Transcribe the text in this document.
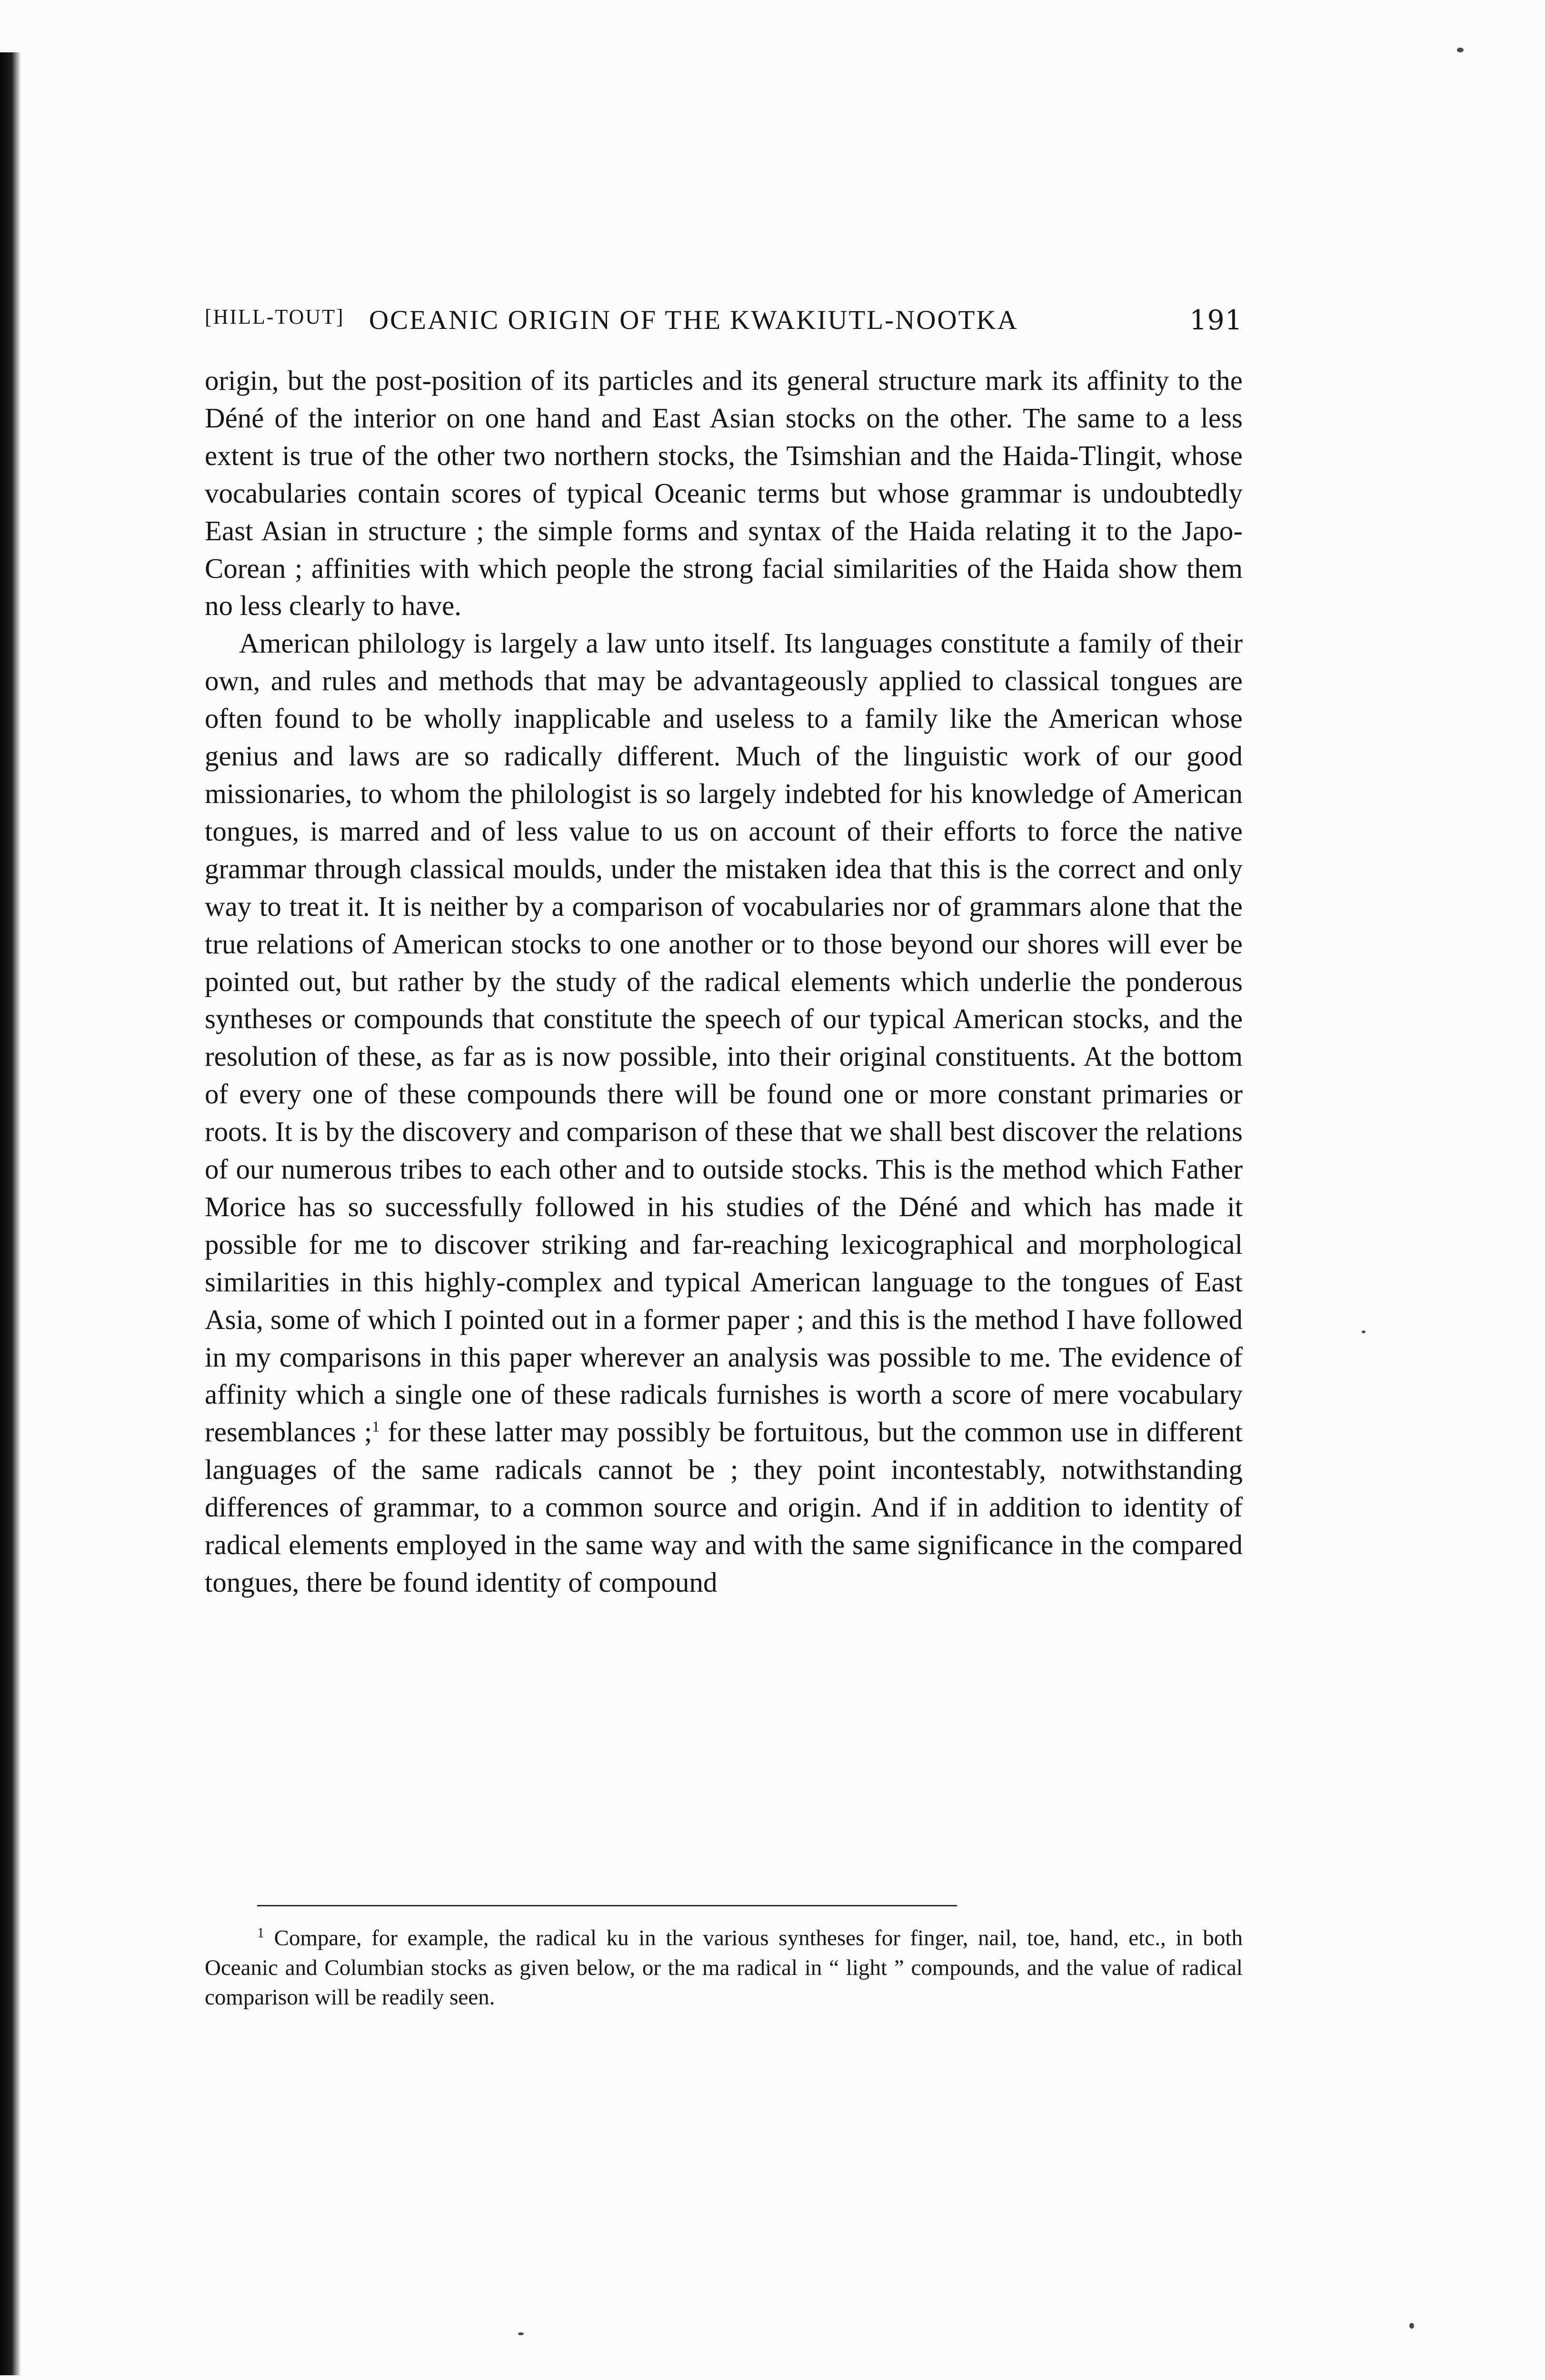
[HILL-TOUT] OCEANIC ORIGIN OF THE KWAKIUTL-NOOTKA	191

origin, but the post-position of its particles and its general structure mark its affinity to the Déné of the interior on one hand and East Asian stocks on the other. The same to a less extent is true of the other two northern stocks, the Tsimshian and the Haida-Tlingit, whose vocabularies contain scores of typical Oceanic terms but whose grammar is undoubtedly East Asian in structure ; the simple forms and syntax of the Haida relating it to the Japo-Corean ; affinities with which people the strong facial similarities of the Haida show them no less clearly to have.

American philology is largely a law unto itself. Its languages constitute a family of their own, and rules and methods that may be advantageously applied to classical tongues are often found to be wholly inapplicable and useless to a family like the American whose genius and laws are so radically different. Much of the linguistic work of our good missionaries, to whom the philologist is so largely indebted for his knowledge of American tongues, is marred and of less value to us on account of their efforts to force the native grammar through classical moulds, under the mistaken idea that this is the correct and only way to treat it. It is neither by a comparison of vocabularies nor of grammars alone that the true relations of American stocks to one another or to those beyond our shores will ever be pointed out, but rather by the study of the radical elements which underlie the ponderous syntheses or compounds that constitute the speech of our typical American stocks, and the resolution of these, as far as is now possible, into their original constituents. At the bottom of every one of these compounds there will be found one or more constant primaries or roots. It is by the discovery and comparison of these that we shall best discover the relations of our numerous tribes to each other and to outside stocks. This is the method which Father Morice has so successfully followed in his studies of the Déné and which has made it possible for me to discover striking and far-reaching lexicographical and morphological similarities in this highly-complex and typical American language to the tongues of East Asia, some of which I pointed out in a former paper ; and this is the method I have followed in my comparisons in this paper wherever an analysis was possible to me. The evidence of affinity which a single one of these radicals furnishes is worth a score of mere vocabulary resemblances ;$^1$ for these latter may possibly be fortuitous, but the common use in different languages of the same radicals cannot be ; they point incontestably, notwithstanding differences of grammar, to a common source and origin. And if in addition to identity of radical elements employed in the same way and with the same significance in the compared tongues, there be found identity of compound

$^1$ Compare, for example, the radical ku in the various syntheses for finger, nail, toe, hand, etc., in both Oceanic and Columbian stocks as given below, or the ma radical in “ light ” compounds, and the value of radical comparison will be readily seen.
